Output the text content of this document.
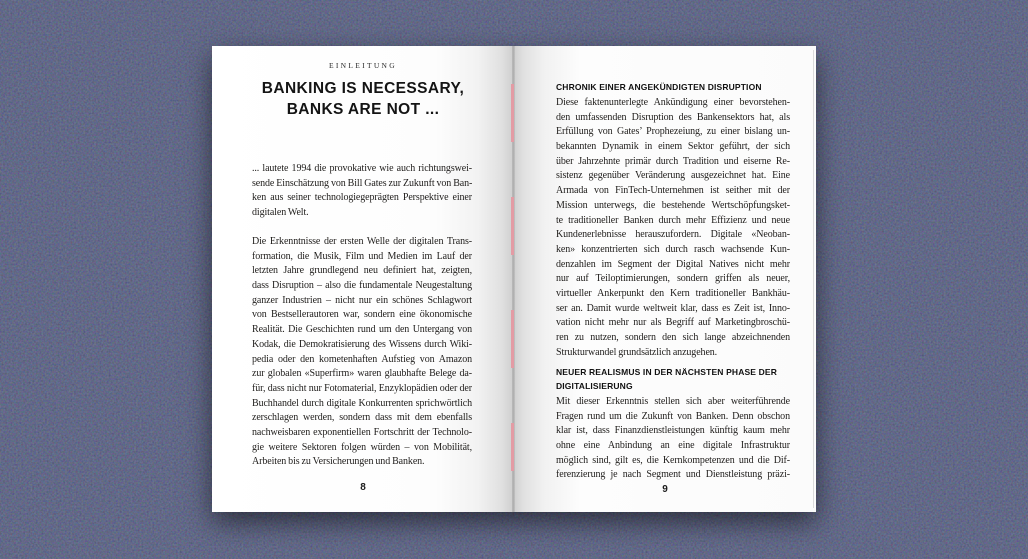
EINLEITUNG
BANKING IS NECESSARY,
BANKS ARE NOT ...
... lautete 1994 die provokative wie auch richtungswei-
sende Einschätzung von Bill Gates zur Zukunft von Ban-
ken aus seiner technologiegeprägten Perspektive einer
digitalen Welt.
Die Erkenntnisse der ersten Welle der digitalen Trans-
formation, die Musik, Film und Medien im Lauf der
letzten Jahre grundlegend neu definiert hat, zeigten,
dass Disruption – also die fundamentale Neugestaltung
ganzer Industrien – nicht nur ein schönes Schlagwort
von Bestsellerautoren war, sondern eine ökonomische
Realität. Die Geschichten rund um den Untergang von
Kodak, die Demokratisierung des Wissens durch Wiki-
pedia oder den kometenhaften Aufstieg von Amazon
zur globalen «Superfirm» waren glaubhafte Belege da-
für, dass nicht nur Fotomaterial, Enzyklopädien oder der
Buchhandel durch digitale Konkurrenten sprichwörtlich
zerschlagen werden, sondern dass mit dem ebenfalls
nachweisbaren exponentiellen Fortschritt der Technolo-
gie weitere Sektoren folgen würden – von Mobilität,
Arbeiten bis zu Versicherungen und Banken.
8
CHRONIK EINER ANGEKÜNDIGTEN DISRUPTION
Diese faktenunterlegte Ankündigung einer bevorstehen-
den umfassenden Disruption des Bankensektors hat, als
Erfüllung von Gates’ Prophezeiung, zu einer bislang un-
bekannten Dynamik in einem Sektor geführt, der sich
über Jahrzehnte primär durch Tradition und eiserne Re-
sistenz gegenüber Veränderung ausgezeichnet hat. Eine
Armada von FinTech-Unternehmen ist seither mit der
Mission unterwegs, die bestehende Wertschöpfungsket-
te traditioneller Banken durch mehr Effizienz und neue
Kundenerlebnisse herauszufordern. Digitale «Neoban-
ken» konzentrierten sich durch rasch wachsende Kun-
denzahlen im Segment der Digital Natives nicht mehr
nur auf Teiloptimierungen, sondern griffen als neuer,
virtueller Ankerpunkt den Kern traditioneller Bankhäu-
ser an. Damit wurde weltweit klar, dass es Zeit ist, Inno-
vation nicht mehr nur als Begriff auf Marketingbroschü-
ren zu nutzen, sondern den sich lange abzeichnenden
Strukturwandel grundsätzlich anzugehen.
NEUER REALISMUS IN DER NÄCHSTEN PHASE DER
DIGITALISIERUNG
Mit dieser Erkenntnis stellen sich aber weiterführende
Fragen rund um die Zukunft von Banken. Denn obschon
klar ist, dass Finanzdienstleistungen künftig kaum mehr
ohne eine Anbindung an eine digitale Infrastruktur
möglich sind, gilt es, die Kernkompetenzen und die Dif-
ferenzierung je nach Segment und Dienstleistung präzi-
9
